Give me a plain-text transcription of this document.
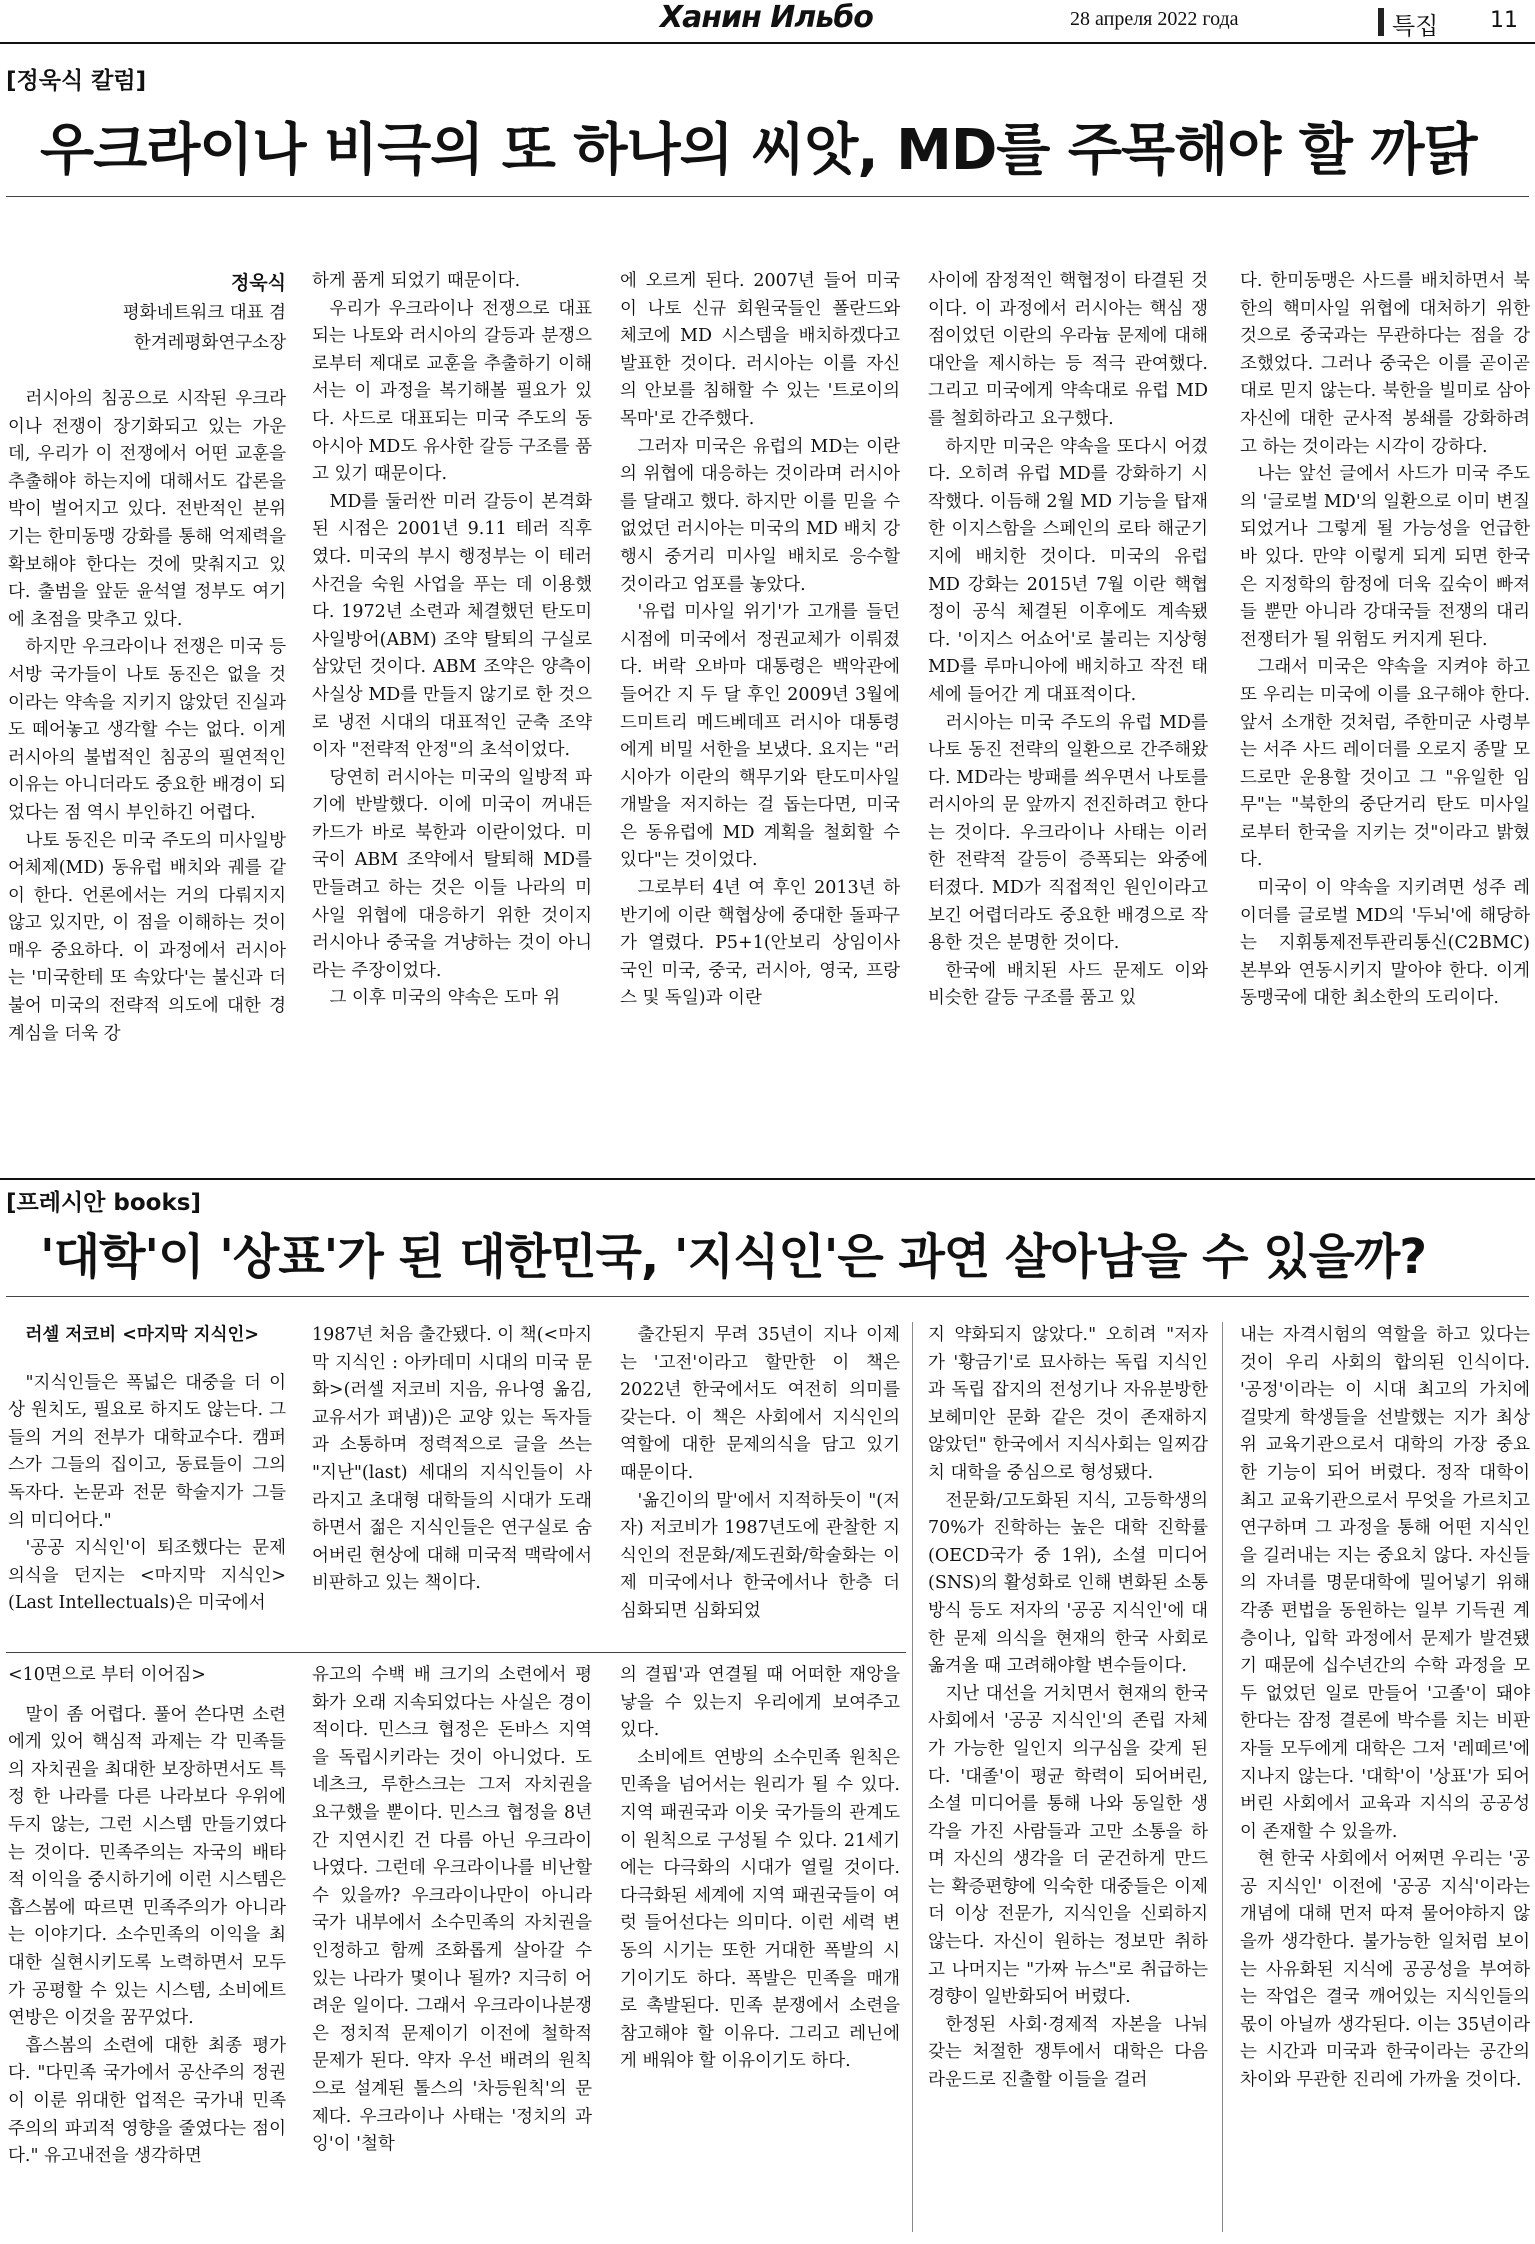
Ханин Ильбо	28 апреля 2022 года	특집 11
[정욱식 칼럼]
우크라이나 비극의 또 하나의 씨앗, MD를 주목해야 할 까닭
정욱식
평화네트워크 대표 겸
한겨레평화연구소장

러시아의 침공으로 시작된 우크라이나 전쟁이 장기화되고 있는 가운데, 우리가 이 전쟁에서 어떤 교훈을 추출해야 하는지에 대해서도 갑론을박이 벌어지고 있다. 전반적인 분위기는 한미동맹 강화를 통해 억제력을 확보해야 한다는 것에 맞춰지고 있다. 출범을 앞둔 윤석열 정부도 여기에 초점을 맞추고 있다.

하지만 우크라이나 전쟁은 미국 등 서방 국가들이 나토 동진은 없을 것이라는 약속을 지키지 않았던 진실과도 떼어놓고 생각할 수는 없다. 이게 러시아의 불법적인 침공의 필연적인 이유는 아니더라도 중요한 배경이 되었다는 점 역시 부인하긴 어렵다.

나토 동진은 미국 주도의 미사일방어체제(MD) 동유럽 배치와 궤를 같이 한다. 언론에서는 거의 다뤄지지 않고 있지만, 이 점을 이해하는 것이 매우 중요하다. 이 과정에서 러시아는 '미국한테 또 속았다'는 불신과 더불어 미국의 전략적 의도에 대한 경계심을 더욱 강

하게 품게 되었기 때문이다.

우리가 우크라이나 전쟁으로 대표되는 나토와 러시아의 갈등과 분쟁으로부터 제대로 교훈을 추출하기 이해서는 이 과정을 복기해볼 필요가 있다. 사드로 대표되는 미국 주도의 동아시아 MD도 유사한 갈등 구조를 품고 있기 때문이다.

MD를 둘러싼 미러 갈등이 본격화된 시점은 2001년 9.11 테러 직후였다. 미국의 부시 행정부는 이 테러 사건을 숙원 사업을 푸는 데 이용했다. 1972년 소련과 체결했던 탄도미사일방어(ABM) 조약 탈퇴의 구실로 삼았던 것이다. ABM 조약은 양측이 사실상 MD를 만들지 않기로 한 것으로 냉전 시대의 대표적인 군축 조약이자 "전략적 안정"의 초석이었다.

당연히 러시아는 미국의 일방적 파기에 반발했다. 이에 미국이 꺼내든 카드가 바로 북한과 이란이었다. 미국이 ABM 조약에서 탈퇴해 MD를 만들려고 하는 것은 이들 나라의 미사일 위협에 대응하기 위한 것이지 러시아나 중국을 겨냥하는 것이 아니라는 주장이었다.

그 이후 미국의 약속은 도마 위

에 오르게 된다. 2007년 들어 미국이 나토 신규 회원국들인 폴란드와 체코에 MD 시스템을 배치하겠다고 발표한 것이다. 러시아는 이를 자신의 안보를 침해할 수 있는 '트로이의 목마'로 간주했다.

그러자 미국은 유럽의 MD는 이란의 위협에 대응하는 것이라며 러시아를 달래고 했다. 하지만 이를 믿을 수 없었던 러시아는 미국의 MD 배치 강행시 중거리 미사일 배치로 응수할 것이라고 엄포를 놓았다.

'유럽 미사일 위기'가 고개를 들던 시점에 미국에서 정권교체가 이뤄졌다. 버락 오바마 대통령은 백악관에 들어간 지 두 달 후인 2009년 3월에 드미트리 메드베데프 러시아 대통령에게 비밀 서한을 보냈다. 요지는 "러시아가 이란의 핵무기와 탄도미사일 개발을 저지하는 걸 돕는다면, 미국은 동유럽에 MD 계획을 철회할 수 있다"는 것이었다.

그로부터 4년 여 후인 2013년 하반기에 이란 핵협상에 중대한 돌파구가 열렸다. P5+1(안보리 상임이사국인 미국, 중국, 러시아, 영국, 프랑스 및 독일)과 이란

사이에 잠정적인 핵협정이 타결된 것이다. 이 과정에서 러시아는 핵심 쟁점이었던 이란의 우라늄 문제에 대해 대안을 제시하는 등 적극 관여했다. 그리고 미국에게 약속대로 유럽 MD를 철회하라고 요구했다.

하지만 미국은 약속을 또다시 어겼다. 오히려 유럽 MD를 강화하기 시작했다. 이듬해 2월 MD 기능을 탑재한 이지스함을 스페인의 로타 해군기지에 배치한 것이다. 미국의 유럽 MD 강화는 2015년 7월 이란 핵협정이 공식 체결된 이후에도 계속됐다. '이지스 어쇼어'로 불리는 지상형 MD를 루마니아에 배치하고 작전 태세에 들어간 게 대표적이다.

러시아는 미국 주도의 유럽 MD를 나토 동진 전략의 일환으로 간주해왔다. MD라는 방패를 씌우면서 나토를 러시아의 문 앞까지 전진하려고 한다는 것이다. 우크라이나 사태는 이러한 전략적 갈등이 증폭되는 와중에 터졌다. MD가 직접적인 원인이라고 보긴 어렵더라도 중요한 배경으로 작용한 것은 분명한 것이다.

한국에 배치된 사드 문제도 이와 비슷한 갈등 구조를 품고 있

다. 한미동맹은 사드를 배치하면서 북한의 핵미사일 위협에 대처하기 위한 것으로 중국과는 무관하다는 점을 강조했었다. 그러나 중국은 이를 곧이곧대로 믿지 않는다. 북한을 빌미로 삼아 자신에 대한 군사적 봉쇄를 강화하려고 하는 것이라는 시각이 강하다.

나는 앞선 글에서 사드가 미국 주도의 '글로벌 MD'의 일환으로 이미 변질되었거나 그렇게 될 가능성을 언급한 바 있다. 만약 이렇게 되게 되면 한국은 지정학의 함정에 더욱 깊숙이 빠져들 뿐만 아니라 강대국들 전쟁의 대리 전쟁터가 될 위험도 커지게 된다.

그래서 미국은 약속을 지켜야 하고 또 우리는 미국에 이를 요구해야 한다. 앞서 소개한 것처럼, 주한미군 사령부는 서주 사드 레이더를 오로지 종말 모드로만 운용할 것이고 그 "유일한 임무"는 "북한의 중단거리 탄도 미사일로부터 한국을 지키는 것"이라고 밝혔다.

미국이 이 약속을 지키려면 성주 레이더를 글로벌 MD의 '두뇌'에 해당하는 지휘통제전투관리통신(C2BMC) 본부와 연동시키지 말아야 한다. 이게 동맹국에 대한 최소한의 도리이다.

[프레시안 books]
'대학'이 '상표'가 된 대한민국, '지식인'은 과연 살아남을 수 있을까?

러셀 저코비 <마지막 지식인>

"지식인들은 폭넓은 대중을 더 이상 원치도, 필요로 하지도 않는다. 그들의 거의 전부가 대학교수다. 캠퍼스가 그들의 집이고, 동료들이 그의 독자다. 논문과 전문 학술지가 그들의 미디어다."

'공공 지식인'이 퇴조했다는 문제의식을 던지는 <마지막 지식인>(Last Intellectuals)은 미국에서

1987년 처음 출간됐다. 이 책(<마지막 지식인 : 아카데미 시대의 미국 문화>(러셀 저코비 지음, 유나영 옮김, 교유서가 펴냄))은 교양 있는 독자들과 소통하며 정력적으로 글을 쓰는 "지난"(last) 세대의 지식인들이 사라지고 초대형 대학들의 시대가 도래하면서 젊은 지식인들은 연구실로 숨어버린 현상에 대해 미국적 맥락에서 비판하고 있는 책이다.

출간된지 무려 35년이 지나 이제는 '고전'이라고 할만한 이 책은 2022년 한국에서도 여전히 의미를 갖는다. 이 책은 사회에서 지식인의 역할에 대한 문제의식을 담고 있기 때문이다.

'옮긴이의 말'에서 지적하듯이 "(저자) 저코비가 1987년도에 관찰한 지식인의 전문화/제도권화/학술화는 이제 미국에서나 한국에서나 한층 더 심화되면 심화되었

지 약화되지 않았다." 오히려 "저자가 '황금기'로 묘사하는 독립 지식인과 독립 잡지의 전성기나 자유분방한 보헤미안 문화 같은 것이 존재하지 않았던" 한국에서 지식사회는 일찌감치 대학을 중심으로 형성됐다.

전문화/고도화된 지식, 고등학생의 70%가 진학하는 높은 대학 진학률(OECD국가 중 1위), 소셜 미디어(SNS)의 활성화로 인해 변화된 소통 방식 등도 저자의 '공공 지식인'에 대한 문제 의식을 현재의 한국 사회로 옮겨올 때 고려해야할 변수들이다.

지난 대선을 거치면서 현재의 한국 사회에서 '공공 지식인'의 존립 자체가 가능한 일인지 의구심을 갖게 된다. '대졸'이 평균 학력이 되어버린, 소셜 미디어를 통해 나와 동일한 생각을 가진 사람들과 고만 소통을 하며 자신의 생각을 더 굳건하게 만드는 확증편향에 익숙한 대중들은 이제 더 이상 전문가, 지식인을 신뢰하지 않는다. 자신이 원하는 정보만 취하고 나머지는 "가짜 뉴스"로 취급하는 경향이 일반화되어 버렸다.

한정된 사회·경제적 자본을 나눠 갖는 처절한 쟁투에서 대학은 다음 라운드로 진출할 이들을 걸러

내는 자격시험의 역할을 하고 있다는 것이 우리 사회의 합의된 인식이다. '공정'이라는 이 시대 최고의 가치에 걸맞게 학생들을 선발했는 지가 최상위 교육기관으로서 대학의 가장 중요한 기능이 되어 버렸다. 정작 대학이 최고 교육기관으로서 무엇을 가르치고 연구하며 그 과정을 통해 어떤 지식인을 길러내는 지는 중요치 않다. 자신들의 자녀를 명문대학에 밀어넣기 위해 각종 편법을 동원하는 일부 기득권 계층이나, 입학 과정에서 문제가 발견됐기 때문에 십수년간의 수학 과정을 모두 없었던 일로 만들어 '고졸'이 돼야 한다는 잠정 결론에 박수를 치는 비판자들 모두에게 대학은 그저 '레떼르'에 지나지 않는다. '대학'이 '상표'가 되어버린 사회에서 교육과 지식의 공공성이 존재할 수 있을까.

현 한국 사회에서 어쩌면 우리는 '공공 지식인' 이전에 '공공 지식'이라는 개념에 대해 먼저 따져 물어야하지 않을까 생각한다. 불가능한 일처럼 보이는 사유화된 지식에 공공성을 부여하는 작업은 결국 깨어있는 지식인들의 몫이 아닐까 생각된다. 이는 35년이라는 시간과 미국과 한국이라는 공간의 차이와 무관한 진리에 가까울 것이다.

<10면으로 부터 이어짐>

말이 좀 어렵다. 풀어 쓴다면 소련에게 있어 핵심적 과제는 각 민족들의 자치권을 최대한 보장하면서도 특정 한 나라를 다른 나라보다 우위에 두지 않는, 그런 시스템 만들기였다는 것이다. 민족주의는 자국의 배타적 이익을 중시하기에 이런 시스템은 흡스봄에 따르면 민족주의가 아니라는 이야기다. 소수민족의 이익을 최대한 실현시키도록 노력하면서 모두가 공평할 수 있는 시스템, 소비에트 연방은 이것을 꿈꾸었다.

흡스봄의 소련에 대한 최종 평가다. "다민족 국가에서 공산주의 정권이 이룬 위대한 업적은 국가내 민족주의의 파괴적 영향을 줄였다는 점이다." 유고내전을 생각하면

유고의 수백 배 크기의 소련에서 평화가 오래 지속되었다는 사실은 경이적이다. 민스크 협정은 돈바스 지역을 독립시키라는 것이 아니었다. 도네츠크, 루한스크는 그저 자치권을 요구했을 뿐이다. 민스크 협정을 8년간 지연시킨 건 다름 아닌 우크라이나였다. 그런데 우크라이나를 비난할 수 있을까? 우크라이나만이 아니라 국가 내부에서 소수민족의 자치권을 인정하고 함께 조화롭게 살아갈 수 있는 나라가 몇이나 될까? 지극히 어려운 일이다. 그래서 우크라이나분쟁은 정치적 문제이기 이전에 철학적 문제가 된다. 약자 우선 배려의 원칙으로 설계된 톨스의 '차등원칙'의 문제다. 우크라이나 사태는 '정치의 과잉'이 '철학

의 결핍'과 연결될 때 어떠한 재앙을 낳을 수 있는지 우리에게 보여주고 있다.

소비에트 연방의 소수민족 원칙은 민족을 넘어서는 원리가 될 수 있다. 지역 패권국과 이웃 국가들의 관계도 이 원칙으로 구성될 수 있다. 21세기에는 다극화의 시대가 열릴 것이다. 다극화된 세계에 지역 패권국들이 여럿 들어선다는 의미다. 이런 세력 변동의 시기는 또한 거대한 폭발의 시기이기도 하다. 폭발은 민족을 매개로 촉발된다. 민족 분쟁에서 소련을 참고해야 할 이유다. 그리고 레닌에게 배워야 할 이유이기도 하다.
